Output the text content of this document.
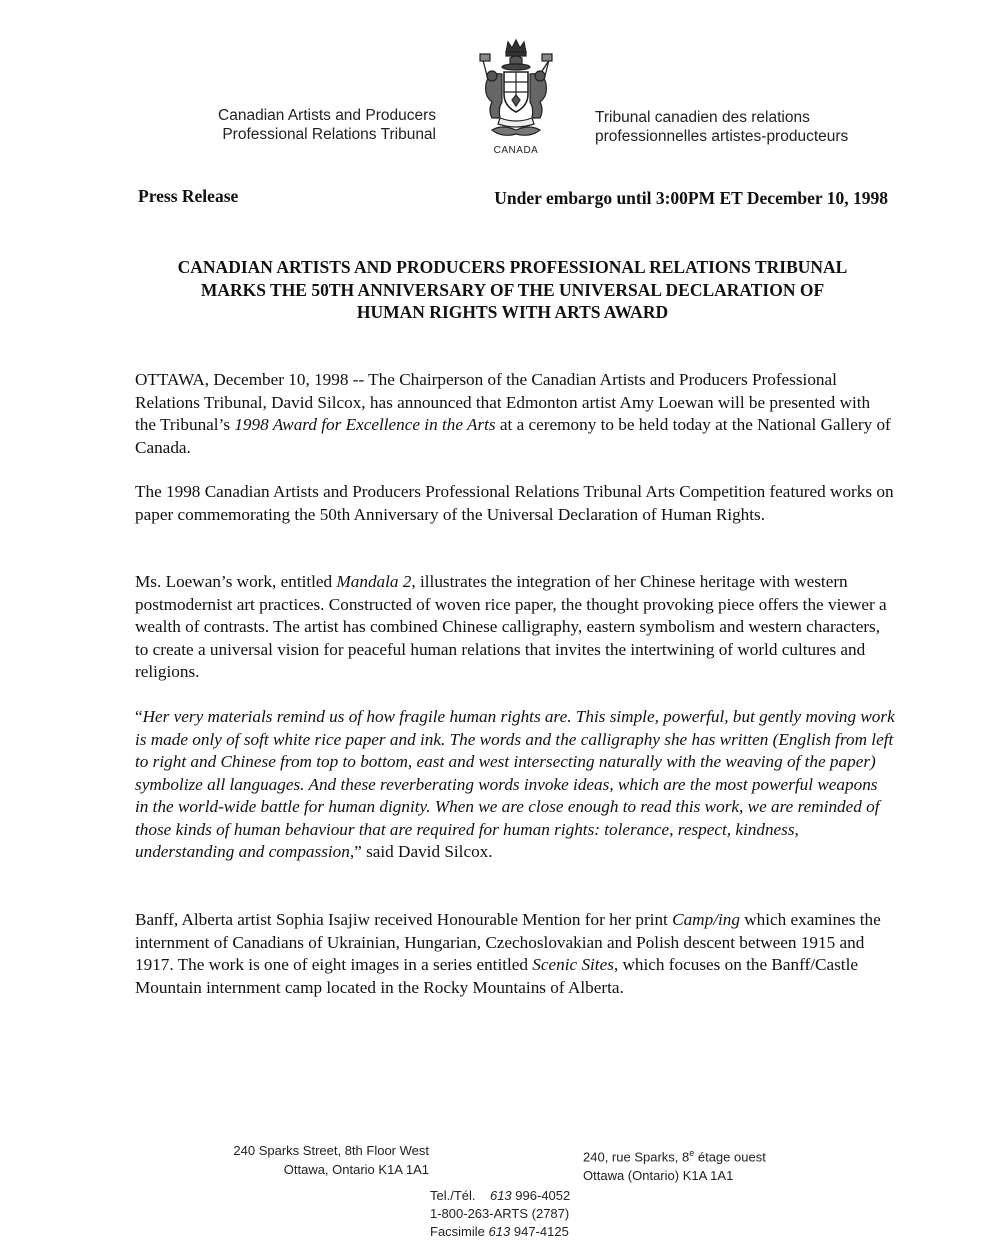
Canadian Artists and Producers
Professional Relations Tribunal
CANADA
Tribunal canadien des relations
professionnelles artistes-producteurs
Press Release	Under embargo until 3:00PM ET December 10, 1998
CANADIAN ARTISTS AND PRODUCERS PROFESSIONAL RELATIONS TRIBUNAL
MARKS THE 50TH ANNIVERSARY OF THE UNIVERSAL DECLARATION OF
HUMAN RIGHTS WITH ARTS AWARD

OTTAWA, December 10, 1998 -- The Chairperson of the Canadian Artists and Producers Professional Relations Tribunal, David Silcox, has announced that Edmonton artist Amy Loewan will be presented with the Tribunal’s 1998 Award for Excellence in the Arts at a ceremony to be held today at the National Gallery of Canada.

The 1998 Canadian Artists and Producers Professional Relations Tribunal Arts Competition featured works on paper commemorating the 50th Anniversary of the Universal Declaration of Human Rights.

Ms. Loewan’s work, entitled Mandala 2, illustrates the integration of her Chinese heritage with western postmodernist art practices. Constructed of woven rice paper, the thought provoking piece offers the viewer a wealth of contrasts. The artist has combined Chinese calligraphy, eastern symbolism and western characters, to create a universal vision for peaceful human relations that invites the intertwining of world cultures and religions.

“Her very materials remind us of how fragile human rights are. This simple, powerful, but gently moving work is made only of soft white rice paper and ink. The words and the calligraphy she has written (English from left to right and Chinese from top to bottom, east and west intersecting naturally with the weaving of the paper) symbolize all languages. And these reverberating words invoke ideas, which are the most powerful weapons in the world-wide battle for human dignity. When we are close enough to read this work, we are reminded of those kinds of human behaviour that are required for human rights: tolerance, respect, kindness, understanding and compassion,” said David Silcox.

Banff, Alberta artist Sophia Isajiw received Honourable Mention for her print Camp/ing which examines the internment of Canadians of Ukrainian, Hungarian, Czechoslovakian and Polish descent between 1915 and 1917. The work is one of eight images in a series entitled Scenic Sites, which focuses on the Banff/Castle Mountain internment camp located in the Rocky Mountains of Alberta.

240 Sparks Street, 8th Floor West
Ottawa, Ontario K1A 1A1
240, rue Sparks, 8e étage ouest
Ottawa (Ontario) K1A 1A1
Tel./Tél. 613 996-4052
1-800-263-ARTS (2787)
Facsimile 613 947-4125
